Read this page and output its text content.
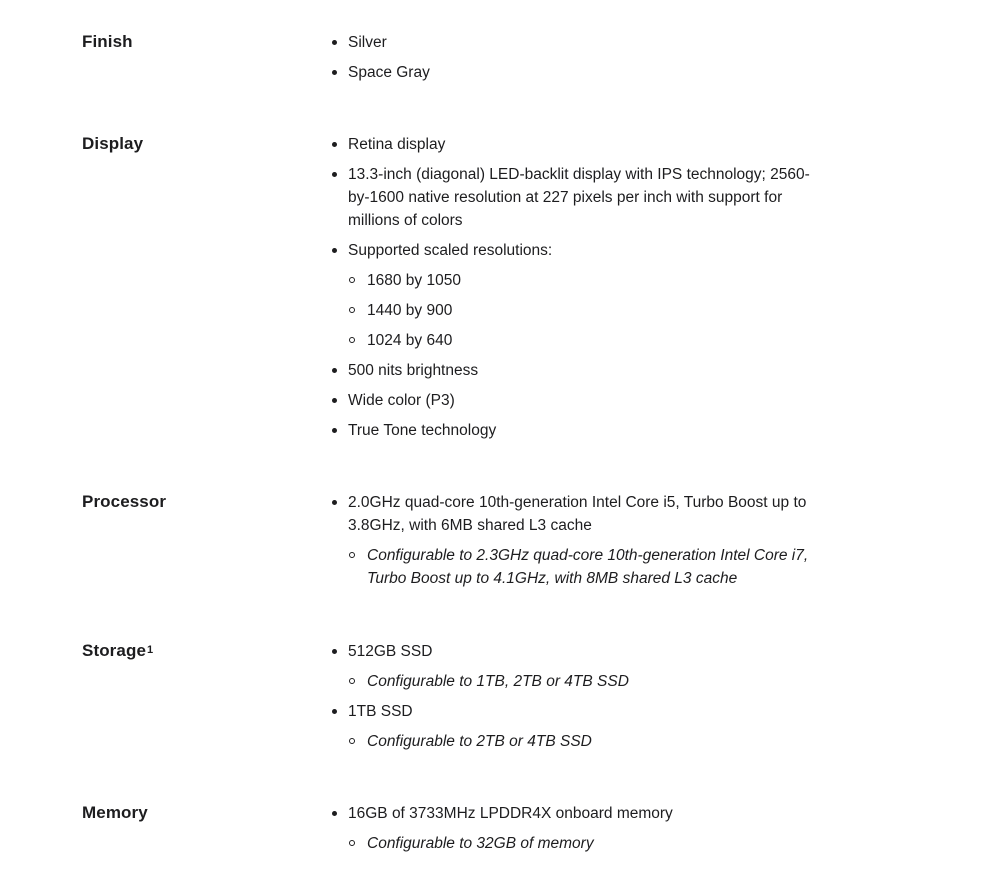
Finish	Silver
Space Gray
Display	Retina display
13.3-inch (diagonal) LED-backlit display with IPS technology; 2560-by-1600 native resolution at 227 pixels per inch with support for millions of colors
Supported scaled resolutions:
1680 by 1050
1440 by 900
1024 by 640
500 nits brightness
Wide color (P3)
True Tone technology
Processor	2.0GHz quad-core 10th-generation Intel Core i5, Turbo Boost up to 3.8GHz, with 6MB shared L3 cache
Configurable to 2.3GHz quad-core 10th-generation Intel Core i7, Turbo Boost up to 4.1GHz, with 8MB shared L3 cache
Storage$^1$	512GB SSD
Configurable to 1TB, 2TB or 4TB SSD
1TB SSD
Configurable to 2TB or 4TB SSD
Memory	16GB of 3733MHz LPDDR4X onboard memory
Configurable to 32GB of memory
